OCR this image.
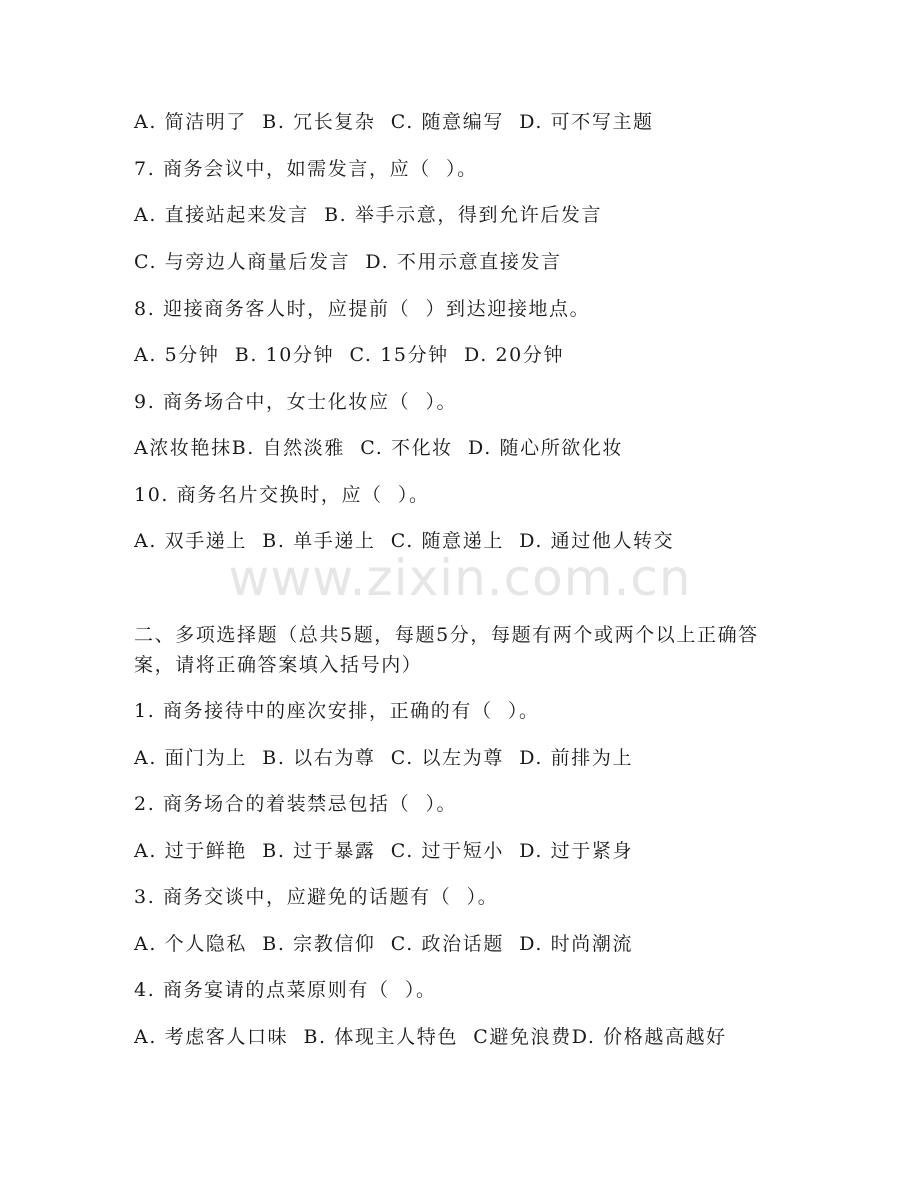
A. 简洁明了  B. 冗长复杂  C. 随意编写  D. 可不写主题
7. 商务会议中，如需发言，应（  ）。
A. 直接站起来发言  B. 举手示意，得到允许后发言
C. 与旁边人商量后发言  D. 不用示意直接发言
8. 迎接商务客人时，应提前（  ）到达迎接地点。
A. 5分钟  B. 10分钟  C. 15分钟  D. 20分钟
9. 商务场合中，女士化妆应（  ）。
A浓妆艳抹B. 自然淡雅  C. 不化妆  D. 随心所欲化妆
10. 商务名片交换时，应（  ）。
A. 双手递上  B. 单手递上  C. 随意递上  D. 通过他人转交
www.zixin.com.cn
二、多项选择题（总共5题，每题5分，每题有两个或两个以上正确答案，请将正确答案填入括号内）
1. 商务接待中的座次安排，正确的有（  ）。
A. 面门为上  B. 以右为尊  C. 以左为尊  D. 前排为上
2. 商务场合的着装禁忌包括（  ）。
A. 过于鲜艳  B. 过于暴露  C. 过于短小  D. 过于紧身
3. 商务交谈中，应避免的话题有（  ）。
A. 个人隐私  B. 宗教信仰  C. 政治话题  D. 时尚潮流
4. 商务宴请的点菜原则有（  ）。
A. 考虑客人口味  B. 体现主人特色  C避免浪费D. 价格越高越好
